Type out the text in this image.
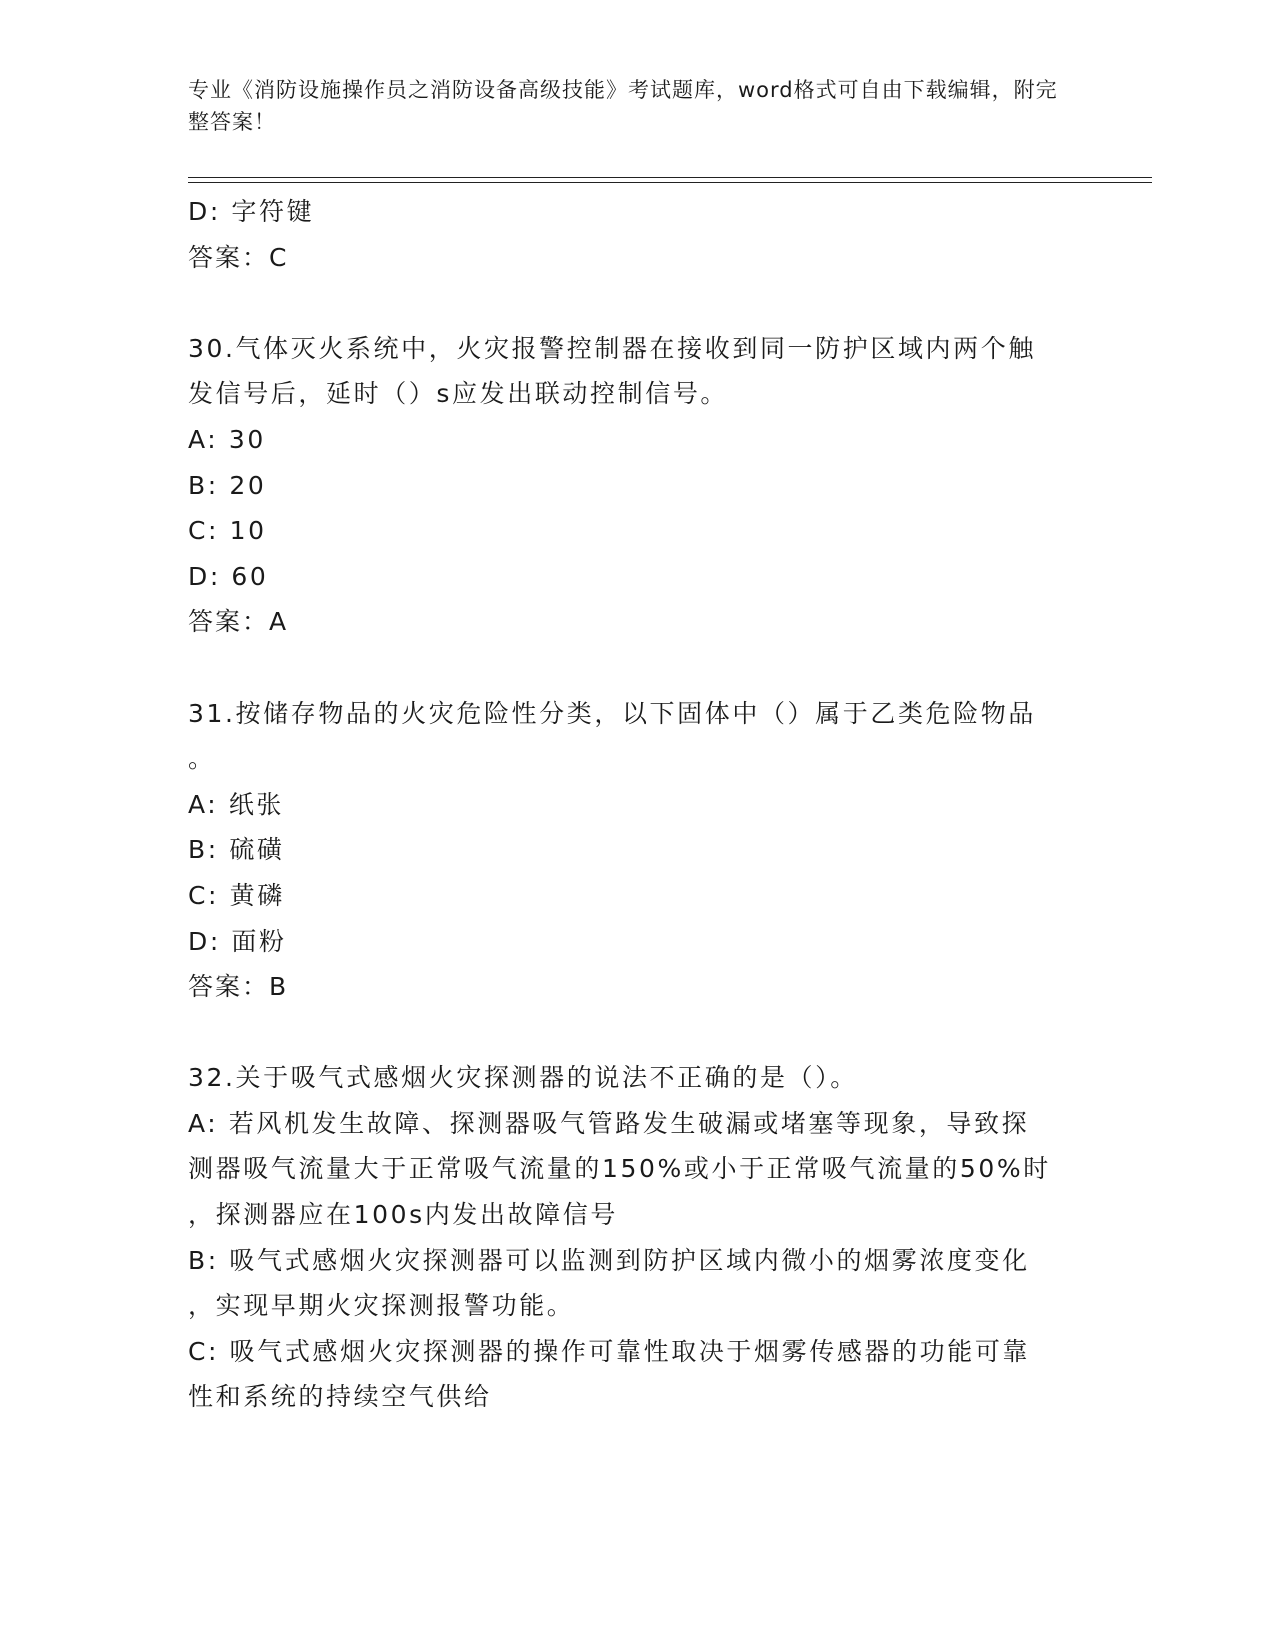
专业《消防设施操作员之消防设备高级技能》考试题库，word格式可自由下载编辑，附完整答案！
D: 字符键
答案：C
30.气体灭火系统中，火灾报警控制器在接收到同一防护区域内两个触
发信号后，延时（）s应发出联动控制信号。
A: 30
B: 20
C: 10
D: 60
答案：A
31.按储存物品的火灾危险性分类，以下固体中（）属于乙类危险物品
。
A: 纸张
B: 硫磺
C: 黄磷
D: 面粉
答案：B
32.关于吸气式感烟火灾探测器的说法不正确的是（）。
A: 若风机发生故障、探测器吸气管路发生破漏或堵塞等现象，导致探
测器吸气流量大于正常吸气流量的150%或小于正常吸气流量的50%时
，探测器应在100s内发出故障信号
B: 吸气式感烟火灾探测器可以监测到防护区域内微小的烟雾浓度变化
，实现早期火灾探测报警功能。
C: 吸气式感烟火灾探测器的操作可靠性取决于烟雾传感器的功能可靠
性和系统的持续空气供给
